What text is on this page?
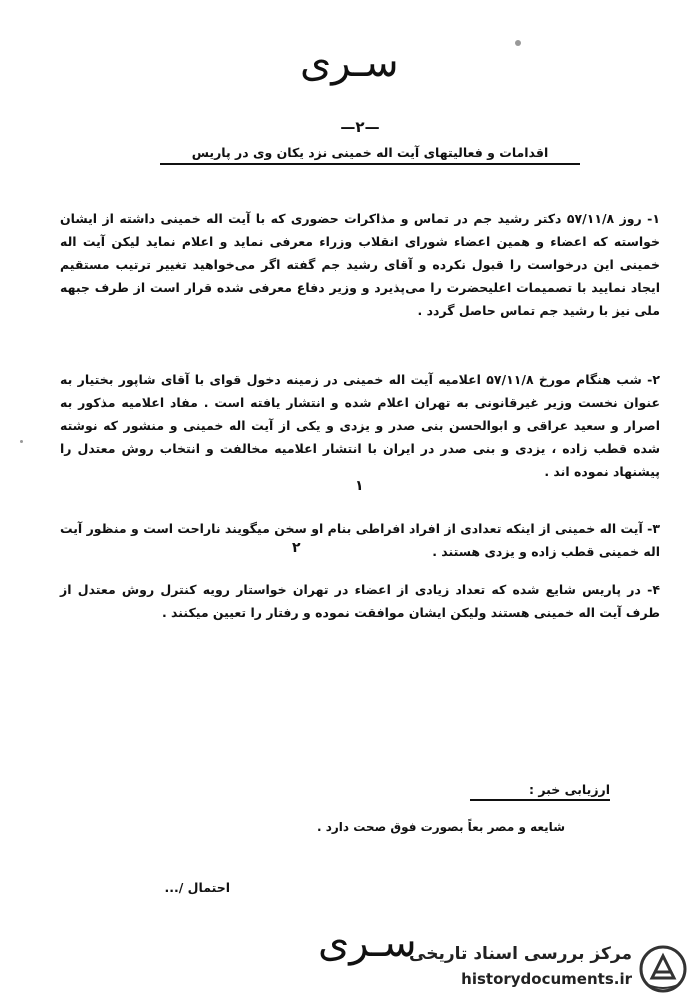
سـری
—۲—
اقدامات و فعالیتهای آیت اله خمینی نزد یکان وی در پاریس
۱- روز ۵۷/۱۱/۸ دکتر رشید جم در تماس و مذاکرات حضوری که با آیت اله خمینی داشته از ایشان خواسته که اعضاء و همین اعضاء شورای انقلاب وزراء معرفی نماید و اعلام نماید لیکن آیت اله خمینی این درخواست را قبول نکرده و آقای رشید جم گفته اگر می‌خواهید تغییر ترتیب مستقیم ایجاد نمایید با تصمیمات اعلیحضرت را می‌پذیرد و وزیر دفاع معرفی شده قرار است از طرف جبهه ملی نیز با رشید جم تماس حاصل گردد .
۲- شب هنگام مورخ ۵۷/۱۱/۸ اعلامیه آیت اله خمینی در زمینه دخول قوای با آقای شاپور بختیار به عنوان نخست وزیر غیرقانونی به تهران اعلام شده و انتشار یافته است . مفاد اعلامیه مذکور به اصرار و سعید عراقی و ابوالحسن بنی صدر و یزدی و یکی از آیت اله خمینی و منشور که نوشته شده قطب زاده ، یزدی و بنی صدر در ایران با انتشار اعلامیه مخالفت و انتخاب روش معتدل را پیشنهاد نموده اند .
۱
۳- آیت اله خمینی از اینکه تعدادی از افراد افراطی بنام او سخن میگویند ناراحت است و منظور آیت اله خمینی قطب زاده و یزدی هستند .
۲
۴- در پاریس شایع شده که تعداد زیادی از اعضاء در تهران خواستار رویه کنترل روش معتدل از طرف آیت اله خمینی هستند ولیکن ایشان موافقت نموده و رفتار را تعیین میکنند .
ارزیابی خبر :
شایعه و مصر بعاً بصورت فوق صحت دارد .
احتمال /...
سـری
مرکز بررسی اسناد تاریخی
historydocuments.ir
